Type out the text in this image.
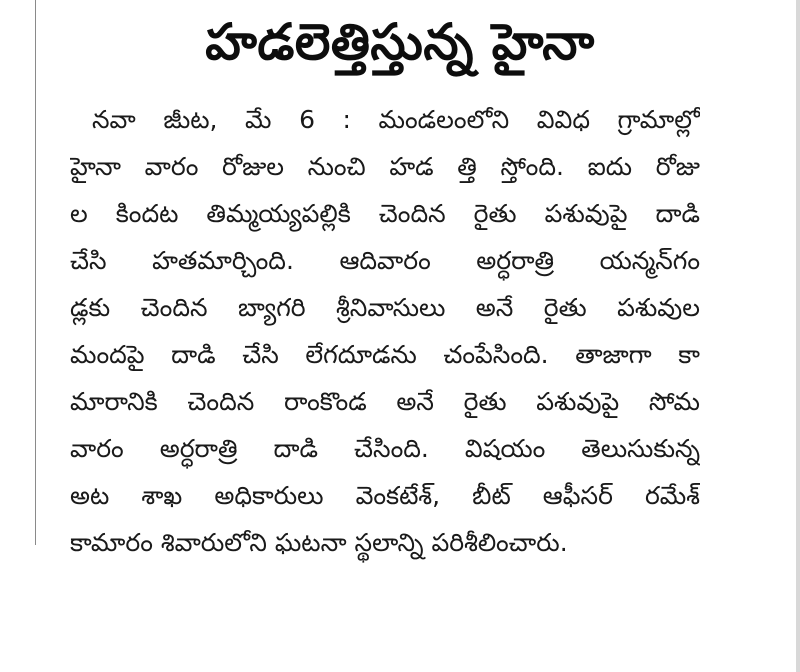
హడలెత్తిస్తున్న హైనా
నవా జీుట, మే 6 : మండలంలోని వివిధ గ్రామాల్లో
హైనా వారం రోజుల నుంచి హడ త్తి స్తోంది. ఐదు రోజు
ల కిందట తిమ్మయ్యపల్లికి చెందిన రైతు పశువుపై దాడి
చేసి హతమార్చింది. ఆదివారం అర్ధరాత్రి యన్మన్‌గం
డ్లకు చెందిన బ్యాగరి శ్రీనివాసులు అనే రైతు పశువుల
మందపై దాడి చేసి లేగదూడను చంపేసింది. తాజాగా కా
మారానికి చెందిన రాంకొండ అనే రైతు పశువుపై సోమ
వారం అర్ధరాత్రి దాడి చేసింది. విషయం తెలుసుకున్న
అట శాఖ అధికారులు వెంకటేశ్‌, బీట్‌ ఆఫీసర్‌ రమేశ్‌
కామారం శివారులోని ఘటనా స్థలాన్ని పరిశీలించారు.
